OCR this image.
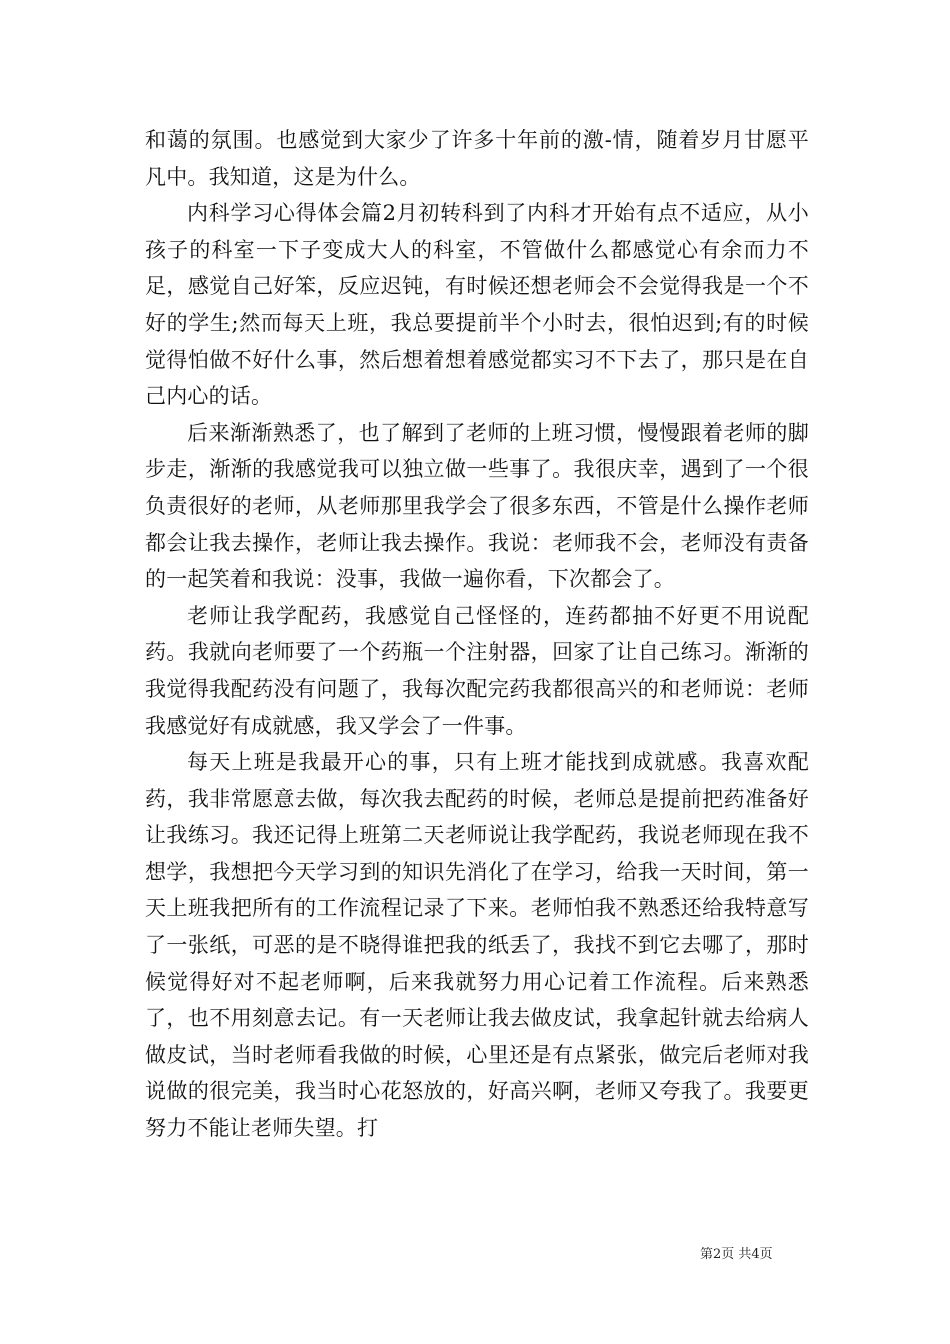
和蔼的氛围。也感觉到大家少了许多十年前的激-情，随着岁月甘愿平凡中。我知道，这是为什么。

内科学习心得体会篇2月初转科到了内科才开始有点不适应，从小孩子的科室一下子变成大人的科室，不管做什么都感觉心有余而力不足，感觉自己好笨，反应迟钝，有时候还想老师会不会觉得我是一个不好的学生;然而每天上班，我总要提前半个小时去，很怕迟到;有的时候觉得怕做不好什么事，然后想着想着感觉都实习不下去了，那只是在自己内心的话。

后来渐渐熟悉了，也了解到了老师的上班习惯，慢慢跟着老师的脚步走，渐渐的我感觉我可以独立做一些事了。我很庆幸，遇到了一个很负责很好的老师，从老师那里我学会了很多东西，不管是什么操作老师都会让我去操作，老师让我去操作。我说：老师我不会，老师没有责备的一起笑着和我说：没事，我做一遍你看，下次都会了。

老师让我学配药，我感觉自己怪怪的，连药都抽不好更不用说配药。我就向老师要了一个药瓶一个注射器，回家了让自己练习。渐渐的我觉得我配药没有问题了，我每次配完药我都很高兴的和老师说：老师我感觉好有成就感，我又学会了一件事。

每天上班是我最开心的事，只有上班才能找到成就感。我喜欢配药，我非常愿意去做，每次我去配药的时候，老师总是提前把药准备好让我练习。我还记得上班第二天老师说让我学配药，我说老师现在我不想学，我想把今天学习到的知识先消化了在学习，给我一天时间，第一天上班我把所有的工作流程记录了下来。老师怕我不熟悉还给我特意写了一张纸，可恶的是不晓得谁把我的纸丢了，我找不到它去哪了，那时候觉得好对不起老师啊，后来我就努力用心记着工作流程。后来熟悉了，也不用刻意去记。有一天老师让我去做皮试，我拿起针就去给病人做皮试，当时老师看我做的时候，心里还是有点紧张，做完后老师对我说做的很完美，我当时心花怒放的，好高兴啊，老师又夸我了。我要更努力不能让老师失望。打

第2页 共4页
